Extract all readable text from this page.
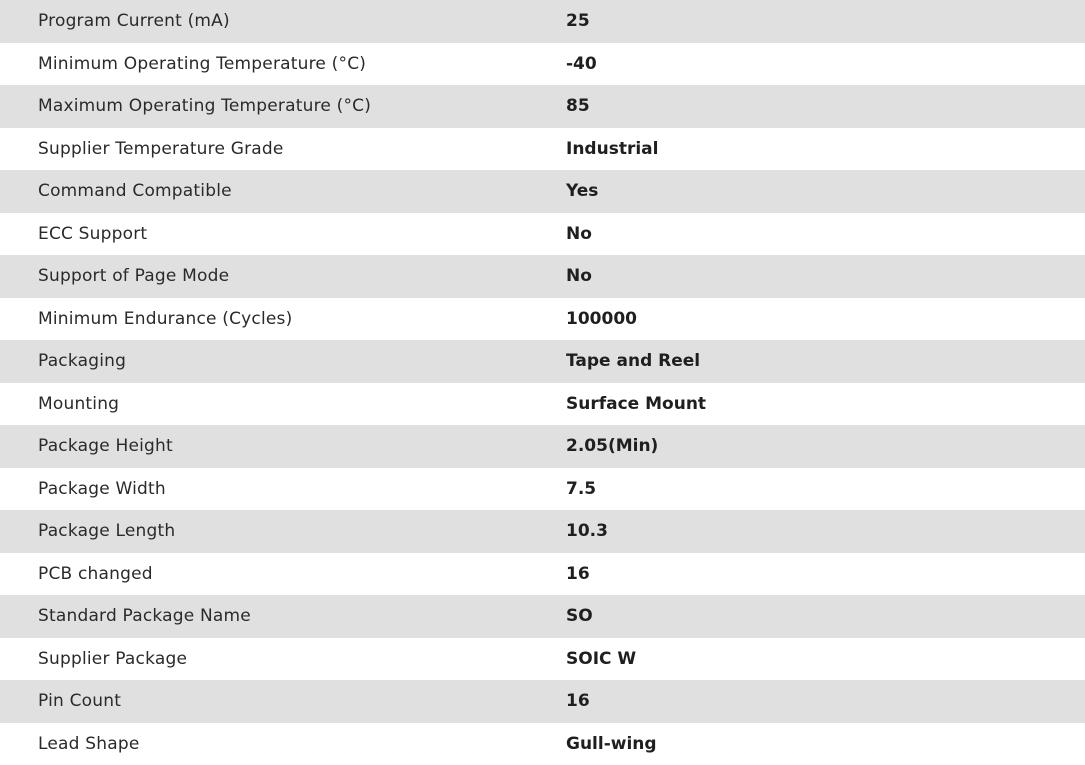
Program Current (mA)	25
Minimum Operating Temperature (°C)	-40
Maximum Operating Temperature (°C)	85
Supplier Temperature Grade	Industrial
Command Compatible	Yes
ECC Support	No
Support of Page Mode	No
Minimum Endurance (Cycles)	100000
Packaging	Tape and Reel
Mounting	Surface Mount
Package Height	2.05(Min)
Package Width	7.5
Package Length	10.3
PCB changed	16
Standard Package Name	SO
Supplier Package	SOIC W
Pin Count	16
Lead Shape	Gull-wing
